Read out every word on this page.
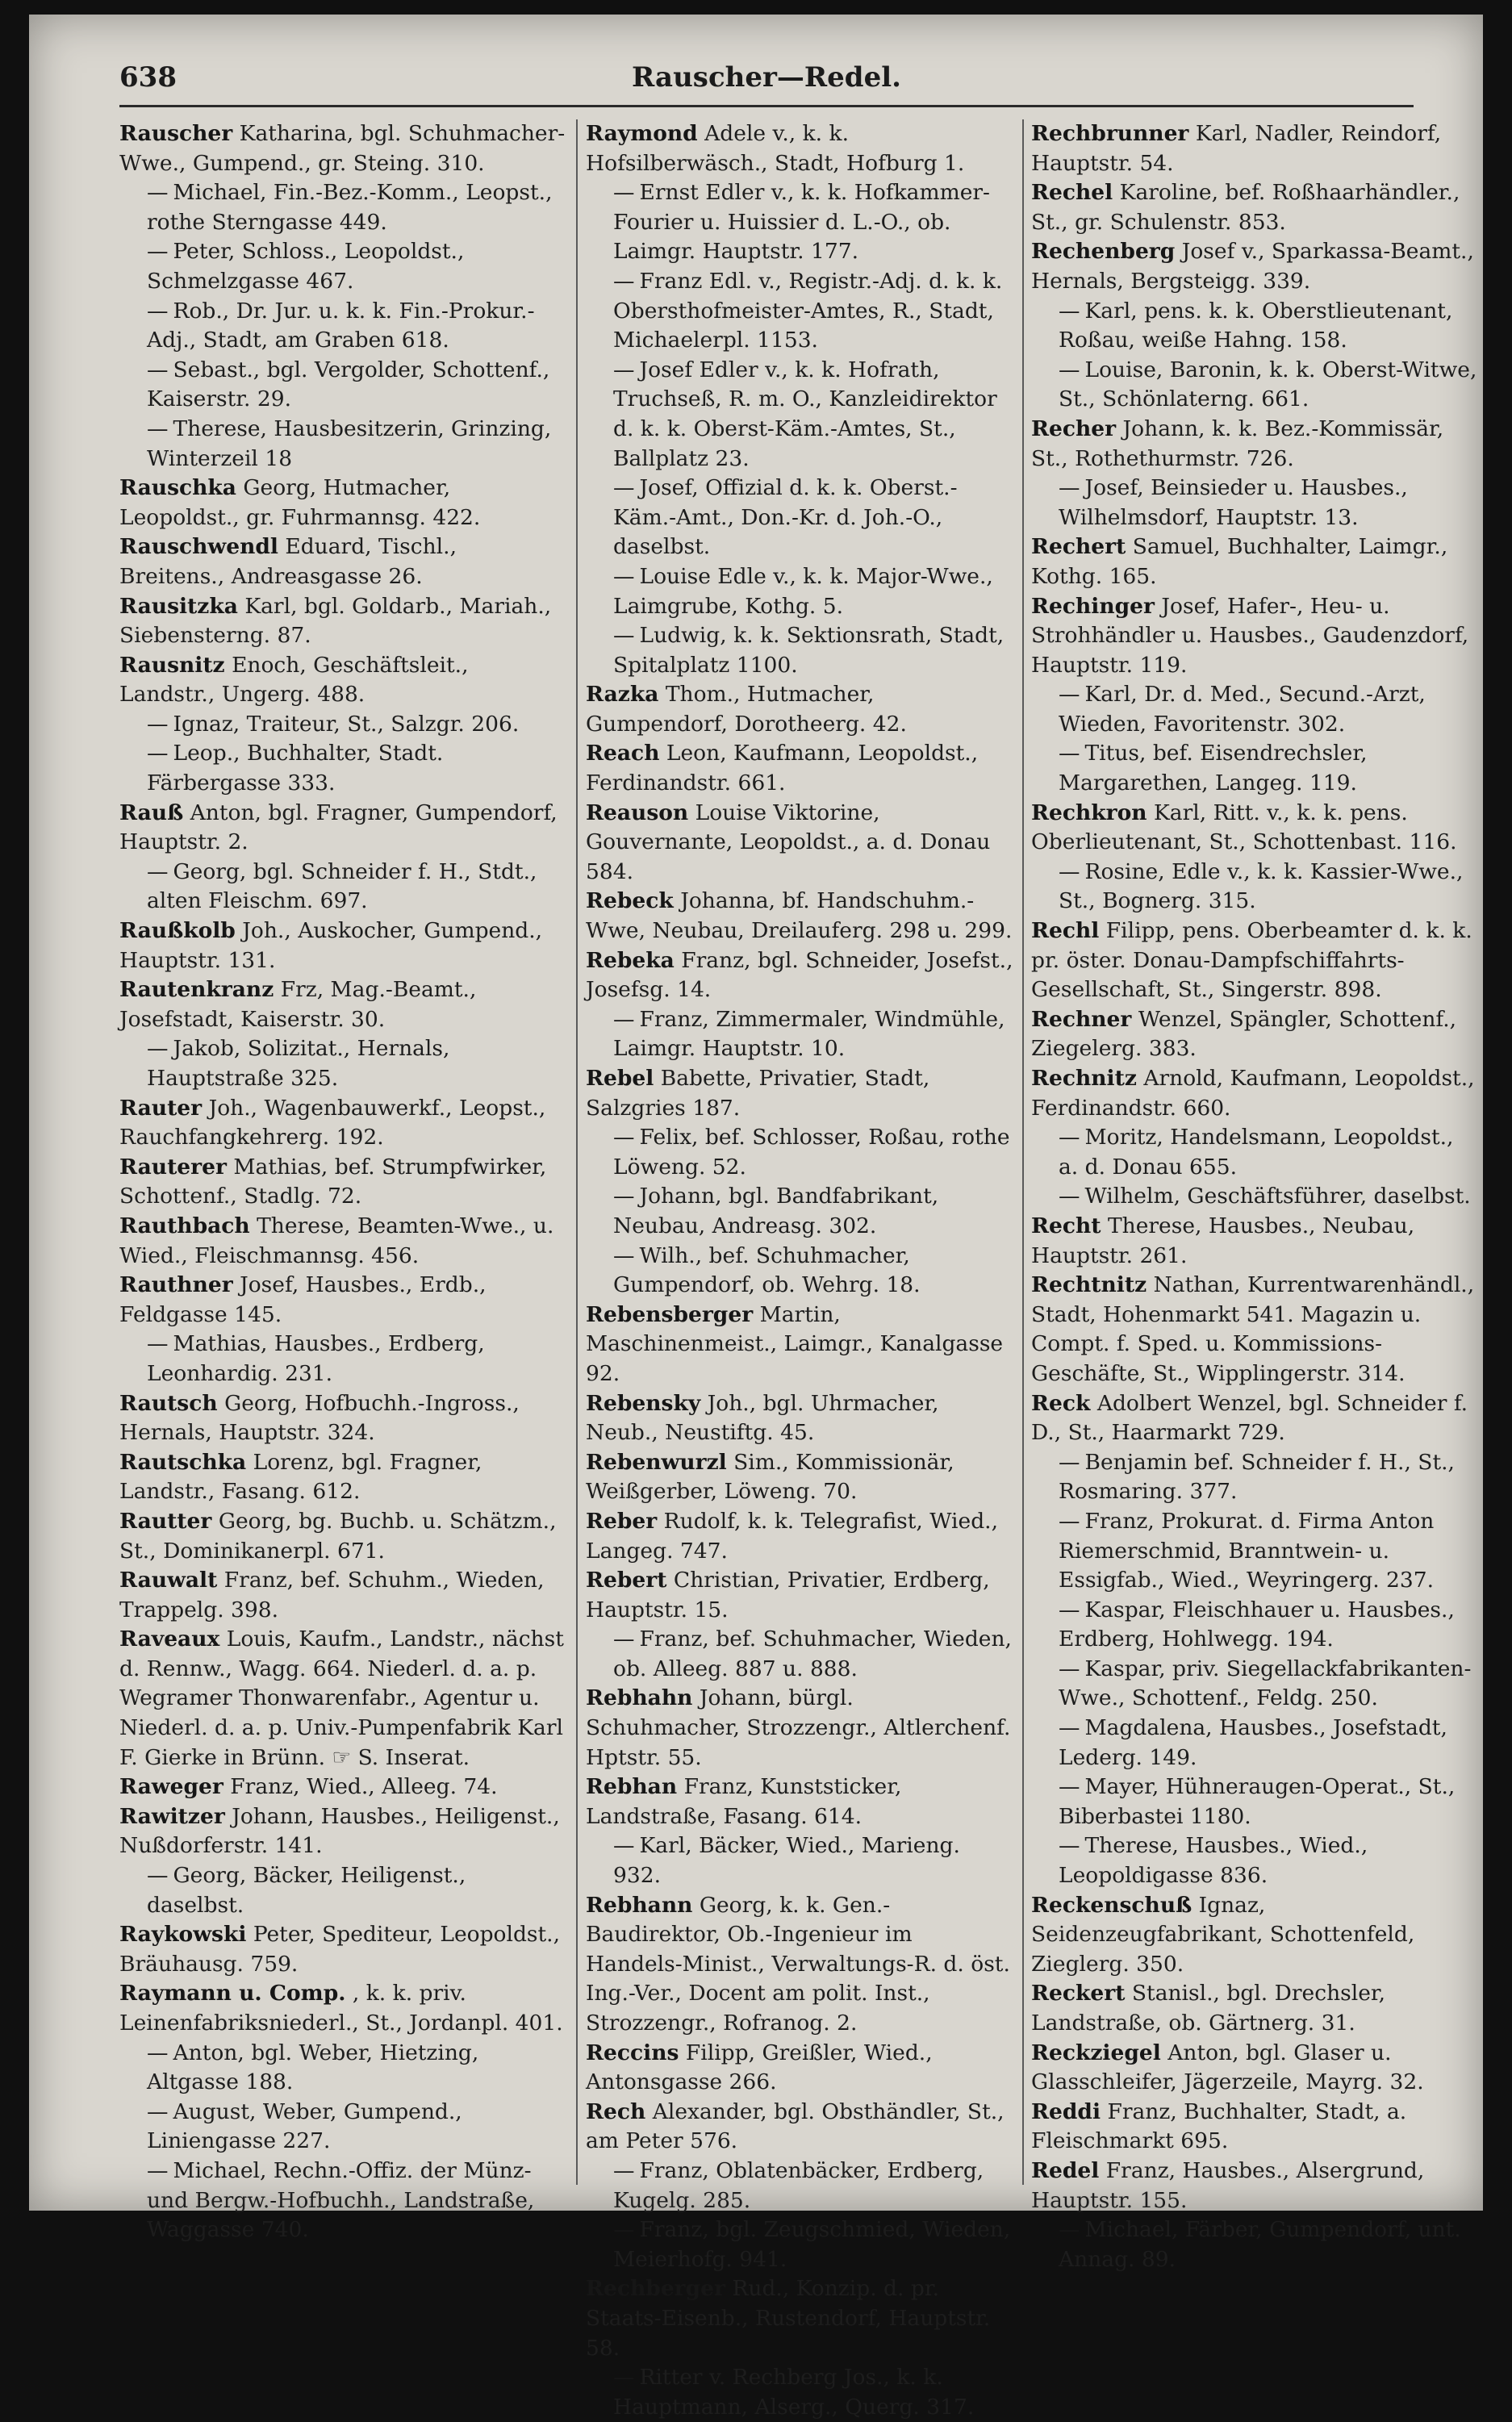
638	Rauscher—Redel.

Rauscher Katharina, bgl. Schuhmacher-Wwe., Gumpend., gr. Steing. 310.

— Michael, Fin.-Bez.-Komm., Leopst., rothe Sterngasse 449.

— Peter, Schloss., Leopoldst., Schmelzgasse 467.

— Rob., Dr. Jur. u. k. k. Fin.-Prokur.-Adj., Stadt, am Graben 618.

— Sebast., bgl. Vergolder, Schottenf., Kaiserstr. 29.

— Therese, Hausbesitzerin, Grinzing, Winterzeil 18

Rauschka Georg, Hutmacher, Leopoldst., gr. Fuhrmannsg. 422.

Rauschwendl Eduard, Tischl., Breitens., Andreasgasse 26.

Rausitzka Karl, bgl. Goldarb., Mariah., Siebensterng. 87.

Rausnitz Enoch, Geschäftsleit., Landstr., Ungerg. 488.

— Ignaz, Traiteur, St., Salzgr. 206.

— Leop., Buchhalter, Stadt. Färbergasse 333.

Rauß Anton, bgl. Fragner, Gumpendorf, Hauptstr. 2.

— Georg, bgl. Schneider f. H., Stdt., alten Fleischm. 697.

Raußkolb Joh., Auskocher, Gumpend., Hauptstr. 131.

Rautenkranz Frz, Mag.-Beamt., Josefstadt, Kaiserstr. 30.

— Jakob, Solizitat., Hernals, Hauptstraße 325.

Rauter Joh., Wagenbauwerkf., Leopst., Rauchfangkehrerg. 192.

Rauterer Mathias, bef. Strumpfwirker, Schottenf., Stadlg. 72.

Rauthbach Therese, Beamten-Wwe., u. Wied., Fleischmannsg. 456.

Rauthner Josef, Hausbes., Erdb., Feldgasse 145.

— Mathias, Hausbes., Erdberg, Leonhardig. 231.

Rautsch Georg, Hofbuchh.-Ingross., Hernals, Hauptstr. 324.

Rautschka Lorenz, bgl. Fragner, Landstr., Fasang. 612.

Rautter Georg, bg. Buchb. u. Schätzm., St., Dominikanerpl. 671.

Rauwalt Franz, bef. Schuhm., Wieden, Trappelg. 398.

Raveaux Louis, Kaufm., Landstr., nächst d. Rennw., Wagg. 664. Niederl. d. a. p. Wegramer Thonwarenfabr., Agentur u. Niederl. d. a. p. Univ.-Pumpenfabrik Karl F. Gierke in Brünn. ☞ S. Inserat.

Raweger Franz, Wied., Alleeg. 74.

Rawitzer Johann, Hausbes., Heiligenst., Nußdorferstr. 141.

— Georg, Bäcker, Heiligenst., daselbst.

Raykowski Peter, Spediteur, Leopoldst., Bräuhausg. 759.

Raymann u. Comp. , k. k. priv. Leinenfabriksniederl., St., Jordanpl. 401.

— Anton, bgl. Weber, Hietzing, Altgasse 188.

— August, Weber, Gumpend., Liniengasse 227.

— Michael, Rechn.-Offiz. der Münz- und Bergw.-Hofbuchh., Landstraße, Waggasse 740.

Raymond Adele v., k. k. Hofsilberwäsch., Stadt, Hofburg 1.

— Ernst Edler v., k. k. Hofkammer-Fourier u. Huissier d. L.-O., ob. Laimgr. Hauptstr. 177.

— Franz Edl. v., Registr.-Adj. d. k. k. Obersthofmeister-Amtes, R., Stadt, Michaelerpl. 1153.

— Josef Edler v., k. k. Hofrath, Truchseß, R. m. O., Kanzleidirektor d. k. k. Oberst-Käm.-Amtes, St., Ballplatz 23.

— Josef, Offizial d. k. k. Oberst.-Käm.-Amt., Don.-Kr. d. Joh.-O., daselbst.

— Louise Edle v., k. k. Major-Wwe., Laimgrube, Kothg. 5.

— Ludwig, k. k. Sektionsrath, Stadt, Spitalplatz 1100.

Razka Thom., Hutmacher, Gumpendorf, Dorotheerg. 42.

Reach Leon, Kaufmann, Leopoldst., Ferdinandstr. 661.

Reauson Louise Viktorine, Gouvernante, Leopoldst., a. d. Donau 584.

Rebeck Johanna, bf. Handschuhm.-Wwe, Neubau, Dreilauferg. 298 u. 299.

Rebeka Franz, bgl. Schneider, Josefst., Josefsg. 14.

— Franz, Zimmermaler, Windmühle, Laimgr. Hauptstr. 10.

Rebel Babette, Privatier, Stadt, Salzgries 187.

— Felix, bef. Schlosser, Roßau, rothe Löweng. 52.

— Johann, bgl. Bandfabrikant, Neubau, Andreasg. 302.

— Wilh., bef. Schuhmacher, Gumpendorf, ob. Wehrg. 18.

Rebensberger Martin, Maschinenmeist., Laimgr., Kanalgasse 92.

Rebensky Joh., bgl. Uhrmacher, Neub., Neustiftg. 45.

Rebenwurzl Sim., Kommissionär, Weißgerber, Löweng. 70.

Reber Rudolf, k. k. Telegrafist, Wied., Langeg. 747.

Rebert Christian, Privatier, Erdberg, Hauptstr. 15.

— Franz, bef. Schuhmacher, Wieden, ob. Alleeg. 887 u. 888.

Rebhahn Johann, bürgl. Schuhmacher, Strozzengr., Altlerchenf. Hptstr. 55.

Rebhan Franz, Kunststicker, Landstraße, Fasang. 614.

— Karl, Bäcker, Wied., Marieng. 932.

Rebhann Georg, k. k. Gen.-Baudirektor, Ob.-Ingenieur im Handels-Minist., Verwaltungs-R. d. öst. Ing.-Ver., Docent am polit. Inst., Strozzengr., Rofranog. 2.

Reccins Filipp, Greißler, Wied., Antonsgasse 266.

Rech Alexander, bgl. Obsthändler, St., am Peter 576.

— Franz, Oblatenbäcker, Erdberg, Kugelg. 285.

— Franz, bgl. Zeugschmied, Wieden, Meierhofg. 941.

Rechberger Rud., Konzip. d. pr. Staats-Eisenb., Rustendorf, Hauptstr. 58.

— Ritter v. Rechberg Jos., k. k. Hauptmann, Alserg., Querg. 317.

Rechbrunner Karl, Nadler, Reindorf, Hauptstr. 54.

Rechel Karoline, bef. Roßhaarhändler., St., gr. Schulenstr. 853.

Rechenberg Josef v., Sparkassa-Beamt., Hernals, Bergsteigg. 339.

— Karl, pens. k. k. Oberstlieutenant, Roßau, weiße Hahng. 158.

— Louise, Baronin, k. k. Oberst-Witwe, St., Schönlaterng. 661.

Recher Johann, k. k. Bez.-Kommissär, St., Rothethurmstr. 726.

— Josef, Beinsieder u. Hausbes., Wilhelmsdorf, Hauptstr. 13.

Rechert Samuel, Buchhalter, Laimgr., Kothg. 165.

Rechinger Josef, Hafer-, Heu- u. Strohhändler u. Hausbes., Gaudenzdorf, Hauptstr. 119.

— Karl, Dr. d. Med., Secund.-Arzt, Wieden, Favoritenstr. 302.

— Titus, bef. Eisendrechsler, Margarethen, Langeg. 119.

Rechkron Karl, Ritt. v., k. k. pens. Oberlieutenant, St., Schottenbast. 116.

— Rosine, Edle v., k. k. Kassier-Wwe., St., Bognerg. 315.

Rechl Filipp, pens. Oberbeamter d. k. k. pr. öster. Donau-Dampfschiffahrts-Gesellschaft, St., Singerstr. 898.

Rechner Wenzel, Spängler, Schottenf., Ziegelerg. 383.

Rechnitz Arnold, Kaufmann, Leopoldst., Ferdinandstr. 660.

— Moritz, Handelsmann, Leopoldst., a. d. Donau 655.

— Wilhelm, Geschäftsführer, daselbst.

Recht Therese, Hausbes., Neubau, Hauptstr. 261.

Rechtnitz Nathan, Kurrentwarenhändl., Stadt, Hohenmarkt 541. Magazin u. Compt. f. Sped. u. Kommissions-Geschäfte, St., Wipplingerstr. 314.

Reck Adolbert Wenzel, bgl. Schneider f. D., St., Haarmarkt 729.

— Benjamin bef. Schneider f. H., St., Rosmaring. 377.

— Franz, Prokurat. d. Firma Anton Riemerschmid, Branntwein- u. Essigfab., Wied., Weyringerg. 237.

— Kaspar, Fleischhauer u. Hausbes., Erdberg, Hohlwegg. 194.

— Kaspar, priv. Siegellackfabrikanten-Wwe., Schottenf., Feldg. 250.

— Magdalena, Hausbes., Josefstadt, Lederg. 149.

— Mayer, Hühneraugen-Operat., St., Biberbastei 1180.

— Therese, Hausbes., Wied., Leopoldigasse 836.

Reckenschuß Ignaz, Seidenzeugfabrikant, Schottenfeld, Zieglerg. 350.

Reckert Stanisl., bgl. Drechsler, Landstraße, ob. Gärtnerg. 31.

Reckziegel Anton, bgl. Glaser u. Glasschleifer, Jägerzeile, Mayrg. 32.

Reddi Franz, Buchhalter, Stadt, a. Fleischmarkt 695.

Redel Franz, Hausbes., Alsergrund, Hauptstr. 155.

— Michael, Färber, Gumpendorf, unt. Annag. 89.
